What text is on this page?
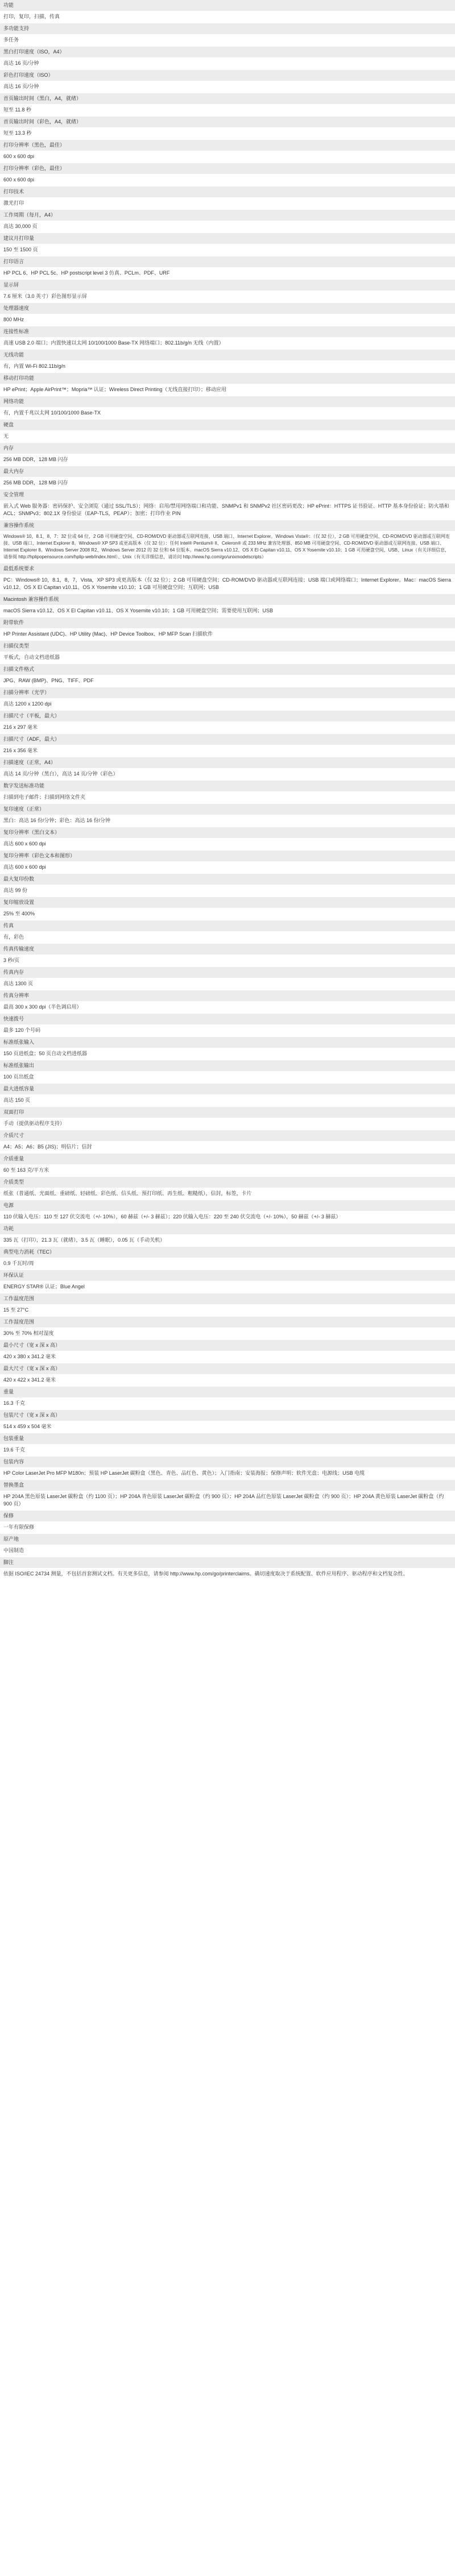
功能
打印，复印，扫描，传真
多功能支持
多任务
黑白打印速度（ISO，A4）
高达 16 页/分钟
彩色打印速度（ISO）
高达 16 页/分钟
首页输出时间（黑白，A4，就绪）
短至 11.8 秒
首页输出时间（彩色，A4，就绪）
短至 13.3 秒
打印分辨率（黑色，最佳）
600 x 600 dpi
打印分辨率（彩色，最佳）
600 x 600 dpi
打印技术
激光打印
工作周期（每月，A4）
高达 30,000 页
建议月打印量
150 至 1500 页
打印语言
HP PCL 6、HP PCL 5c、HP postscript level 3 仿真、PCLm、PDF、URF
显示屏
7.6 厘米（3.0 英寸）彩色图形显示屏
处理器速度
800 MHz
连接性标准
高速 USB 2.0 端口；内置快速以太网 10/100/1000 Base-TX 网络端口；802.11b/g/n 无线（内置）
无线功能
有，内置 Wi-Fi 802.11b/g/n
移动打印功能
HP ePrint；Apple AirPrint™；Mopria™ 认证；Wireless Direct Printing（无线直接打印）；移动应用
网络功能
有，内置千兆以太网 10/100/1000 Base-TX
硬盘
无
内存
256 MB DDR，128 MB 闪存
最大内存
256 MB DDR，128 MB 闪存
安全管理
嵌入式 Web 服务器：密码保护、安全浏览（通过 SSL/TLS）；网络：启用/禁用网络端口和功能、SNMPv1 和 SNMPv2 社区密码更改；HP ePrint：HTTPS 证书验证、HTTP 基本身份验证；防火墙和 ACL；SNMPv3；802.1X 身份验证（EAP-TLS，PEAP）；加密；打印作业 PIN
兼容操作系统
Windows® 10，8.1，8，7：32 位或 64 位，2 GB 可用硬盘空间、CD-ROM/DVD 驱动器或互联网连接、USB 端口、Internet Explorer。Windows Vista®：（仅 32 位），2 GB 可用硬盘空间、CD-ROM/DVD 驱动器或互联网连接、USB 端口、Internet Explorer 8。Windows® XP SP3 或更高版本（仅 32 位）：任何 Intel® Pentium® II、Celeron® 或 233 MHz 兼容处理器、850 MB 可用硬盘空间、CD-ROM/DVD 驱动器或互联网连接、USB 端口、Internet Explorer 8。Windows Server 2008 R2、Windows Server 2012 的 32 位和 64 位版本。macOS Sierra v10.12、OS X El Capitan v10.11、OS X Yosemite v10.10；1 GB 可用硬盘空间、USB、Linux（有关详细信息，请参阅 http://hplipopensource.com/hplip-web/index.html）、Unix（有关详细信息，请访问 http://www.hp.com/go/unixmodelscripts）
最低系统要求
PC：Windows® 10，8.1，8，7，Vista，XP SP3 或更高版本（仅 32 位）；2 GB 可用硬盘空间；CD-ROM/DVD 驱动器或互联网连接；USB 端口或网络端口；Internet Explorer。Mac：macOS Sierra v10.12、OS X El Capitan v10.11、OS X Yosemite v10.10；1 GB 可用硬盘空间；互联网；USB
Macintosh 兼容操作系统
macOS Sierra v10.12、OS X El Capitan v10.11、OS X Yosemite v10.10；1 GB 可用硬盘空间；需要使用互联网；USB
附带软件
HP Printer Assistant (UDC)、HP Utility (Mac)、HP Device Toolbox、HP MFP Scan 扫描软件
扫描仪类型
平板式，自动文档进纸器
扫描文件格式
JPG、RAW (BMP)、PNG、TIFF、PDF
扫描分辨率（光学）
高达 1200 x 1200 dpi
扫描尺寸（平板，最大）
216 x 297 毫米
扫描尺寸（ADF，最大）
216 x 356 毫米
扫描速度（正常，A4）
高达 14 页/分钟（黑白），高达 14 页/分钟（彩色）
数字发送标准功能
扫描到电子邮件；扫描到网络文件夹
复印速度（正常）
黑白：高达 16 份/分钟；彩色：高达 16 份/分钟
复印分辨率（黑白文本）
高达 600 x 600 dpi
复印分辨率（彩色文本和图形）
高达 600 x 600 dpi
最大复印份数
高达 99 份
复印缩放设置
25% 至 400%
传真
有，彩色
传真传输速度
3 秒/页
传真内存
高达 1300 页
传真分辨率
最高 300 x 300 dpi（半色调启用）
快速拨号
最多 120 个号码
标准纸张输入
150 页进纸盒；50 页自动文档进纸器
标准纸张输出
100 页出纸盒
最大进纸容量
高达 150 页
双面打印
手动（提供驱动程序支持）
介质尺寸
A4；A5；A6；B5 (JIS)；明信片；信封
介质重量
60 至 163 克/平方米
介质类型
纸张（普通纸、光面纸、重磅纸、轻磅纸、彩色纸、信头纸、预打印纸、再生纸、粗糙纸），信封，标签，卡片
电源
110 伏输入电压：110 至 127 伏交流电（+/- 10%），60 赫兹（+/- 3 赫兹）；220 伏输入电压：220 至 240 伏交流电（+/- 10%），50 赫兹（+/- 3 赫兹）
功耗
335 瓦（打印），21.3 瓦（就绪），3.5 瓦（睡眠），0.05 瓦（手动关机）
典型电力消耗（TEC）
0.9 千瓦时/周
环保认证
ENERGY STAR® 认证；Blue Angel
工作温度范围
15 至 27°C
工作湿度范围
30% 至 70% 相对湿度
最小尺寸（宽 x 深 x 高）
420 x 380 x 341.2 毫米
最大尺寸（宽 x 深 x 高）
420 x 422 x 341.2 毫米
重量
16.3 千克
包装尺寸（宽 x 深 x 高）
514 x 459 x 504 毫米
包装重量
19.6 千克
包装内容
HP Color LaserJet Pro MFP M180n；预装 HP LaserJet 碳粉盒（黑色、青色、品红色、黄色）；入门指南；安装海报；保修声明；软件光盘；电源线；USB 电缆
替换墨盒
HP 204A 黑色原装 LaserJet 碳粉盒（约 1100 页）；HP 204A 青色原装 LaserJet 碳粉盒（约 900 页）；HP 204A 品红色原装 LaserJet 碳粉盒（约 900 页）；HP 204A 黄色原装 LaserJet 碳粉盒（约 900 页）
保修
一年有限保修
原产地
中国制造
脚注
依据 ISO/IEC 24734 测量，不包括首套测试文档。有关更多信息，请参阅 http://www.hp.com/go/printerclaims。确切速度取决于系统配置、软件应用程序、驱动程序和文档复杂性。
